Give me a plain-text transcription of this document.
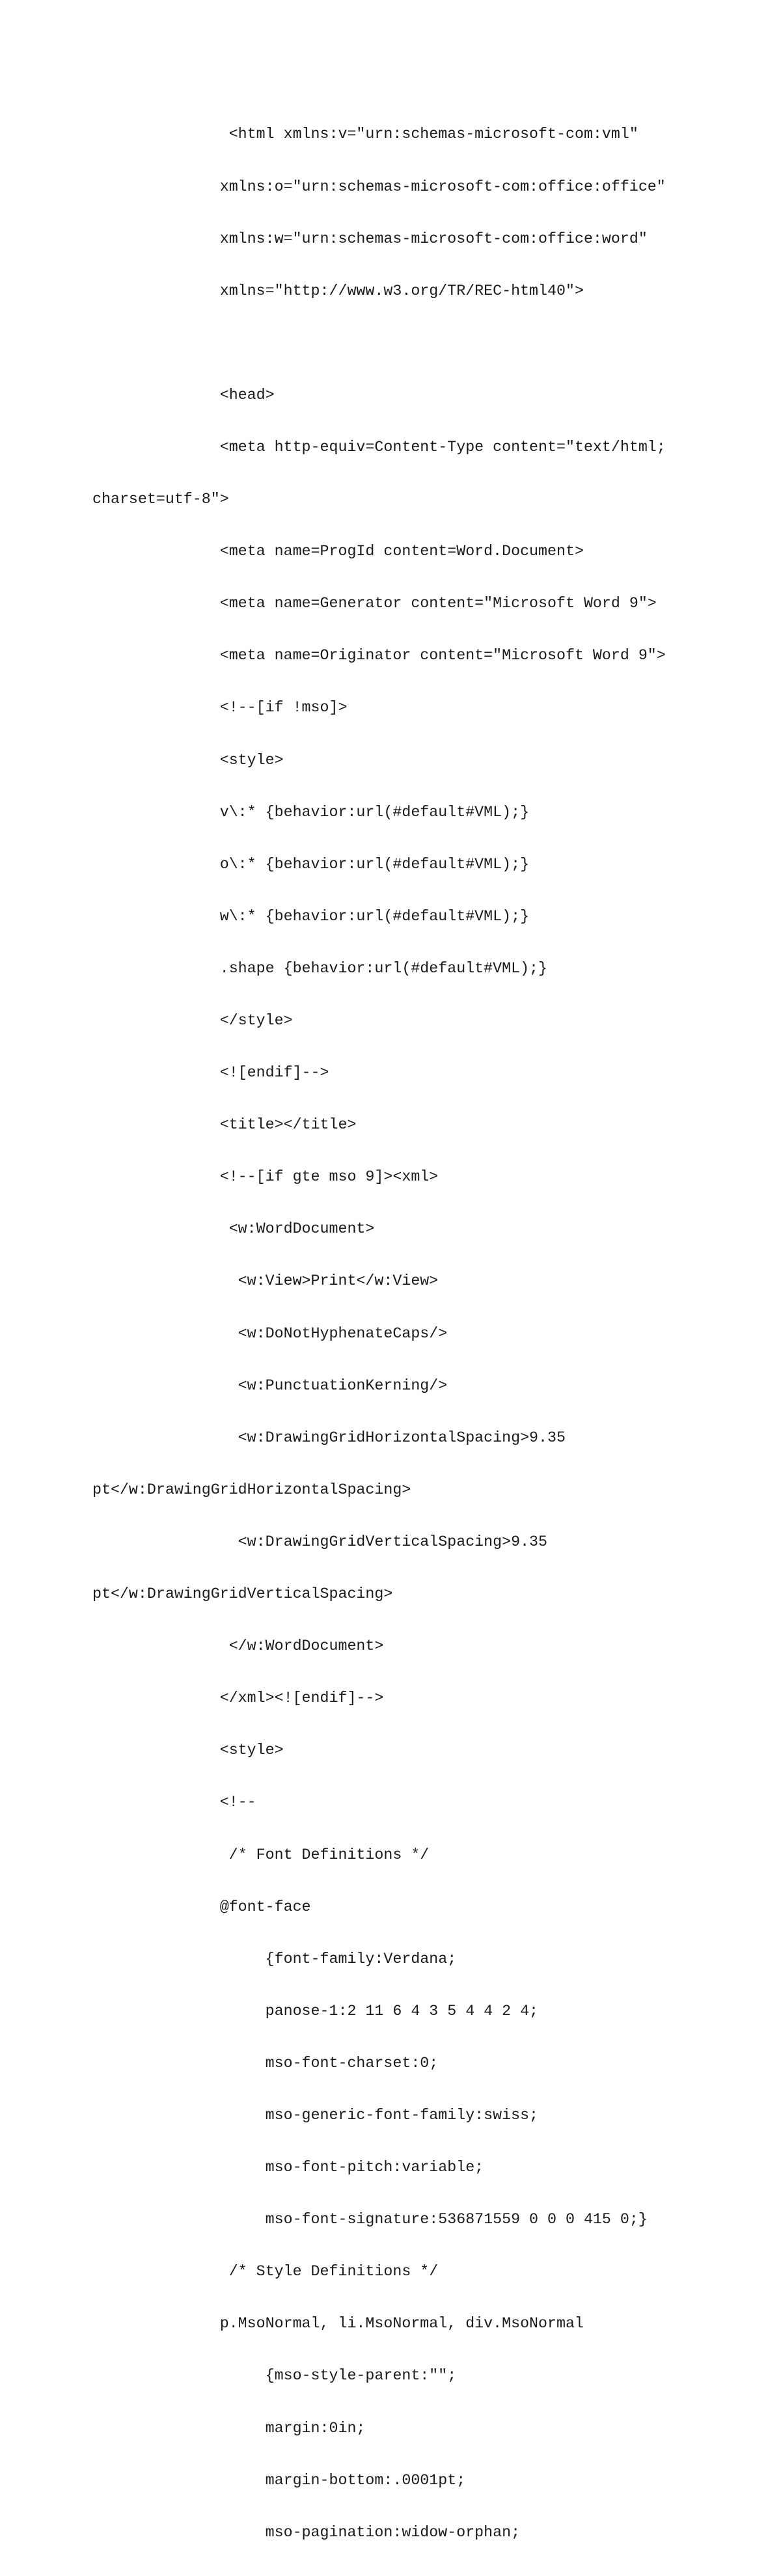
<html xmlns:v="urn:schemas-microsoft-com:vml"

xmlns:o="urn:schemas-microsoft-com:office:office"

xmlns:w="urn:schemas-microsoft-com:office:word"

xmlns="http://www.w3.org/TR/REC-html40">

<head>

<meta http-equiv=Content-Type content="text/html;

charset=utf-8">

<meta name=ProgId content=Word.Document>

<meta name=Generator content="Microsoft Word 9">

<meta name=Originator content="Microsoft Word 9">

<!--[if !mso]>

<style>

v\:* {behavior:url(#default#VML);}

o\:* {behavior:url(#default#VML);}

w\:* {behavior:url(#default#VML);}

.shape {behavior:url(#default#VML);}

</style>

<![endif]-->

<title></title>

<!--[if gte mso 9]><xml>

<w:WordDocument>

<w:View>Print</w:View>

<w:DoNotHyphenateCaps/>

<w:PunctuationKerning/>

<w:DrawingGridHorizontalSpacing>9.35

pt</w:DrawingGridHorizontalSpacing>

<w:DrawingGridVerticalSpacing>9.35

pt</w:DrawingGridVerticalSpacing>

</w:WordDocument>

</xml><![endif]-->

<style>

<!--

/* Font Definitions */

@font-face

{font-family:Verdana;

panose-1:2 11 6 4 3 5 4 4 2 4;

mso-font-charset:0;

mso-generic-font-family:swiss;

mso-font-pitch:variable;

mso-font-signature:536871559 0 0 0 415 0;}

/* Style Definitions */

p.MsoNormal, li.MsoNormal, div.MsoNormal

{mso-style-parent:"";

margin:0in;

margin-bottom:.0001pt;

mso-pagination:widow-orphan;
